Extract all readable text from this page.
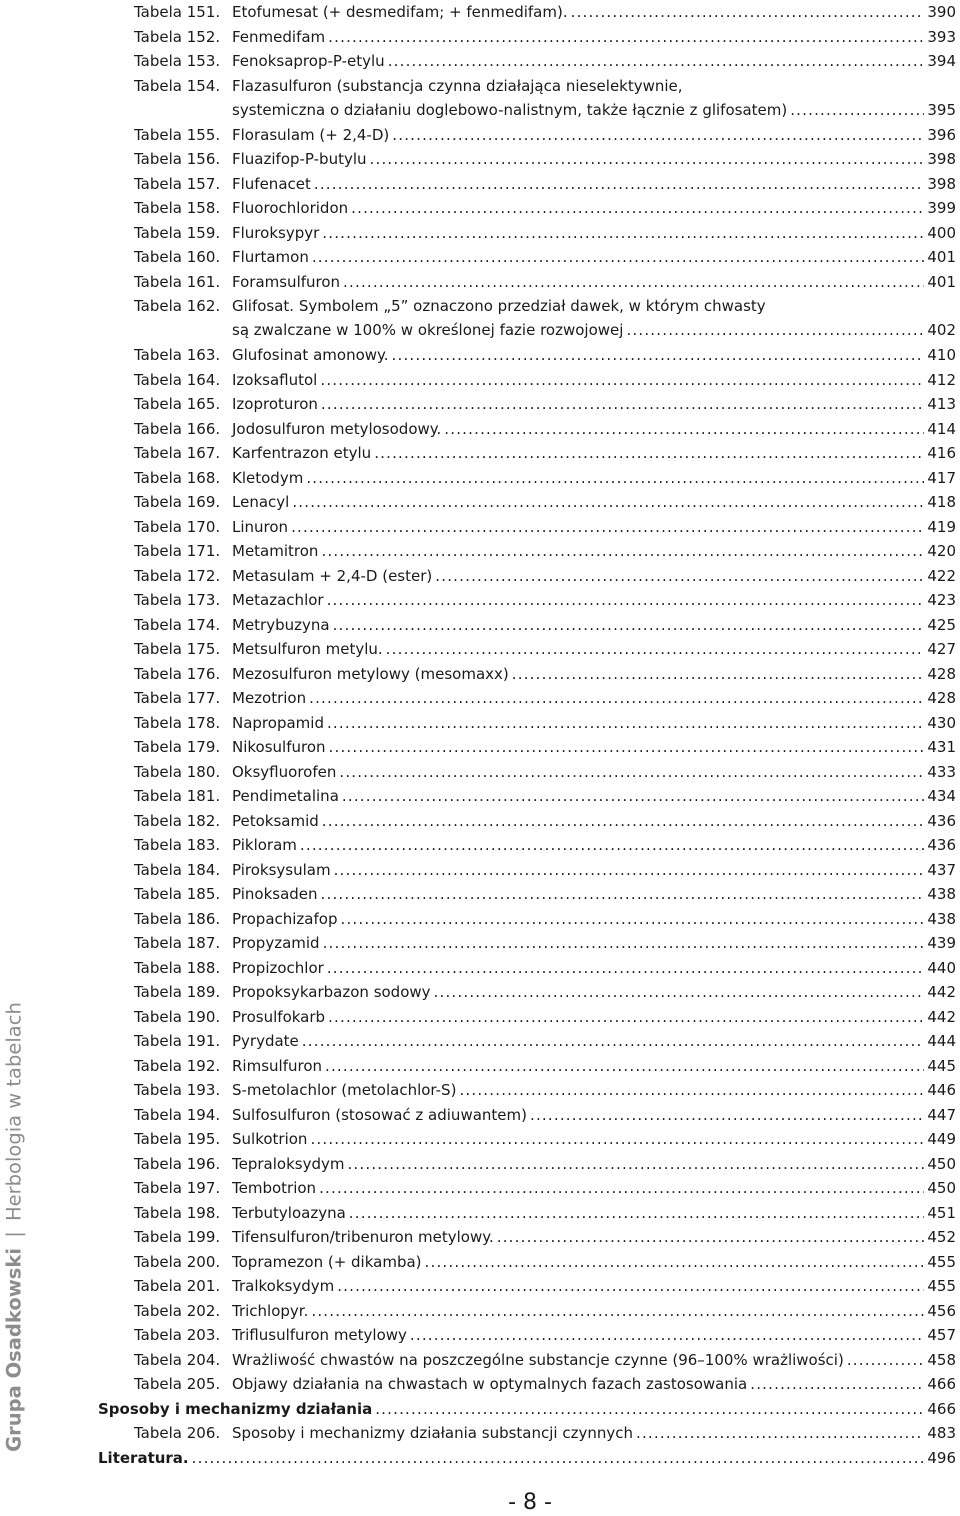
Grupa Osadkowski | Herbologia w tabelach
Tabela 151. Etofumesat (+ desmedifam; + fenmedifam). .....	390
Tabela 152. Fenmedifam .....	393
Tabela 153. Fenoksaprop-P-etylu .....	394
Tabela 154. Flazasulfuron (substancja czynna działająca nieselektywnie,
systemiczna o działaniu doglebowo-nalistnym, także łącznie z glifosatem) .....	395
Tabela 155. Florasulam (+ 2,4-D) .....	396
Tabela 156. Fluazifop-P-butylu .....	398
Tabela 157. Flufenacet .....	398
Tabela 158. Fluorochloridon .....	399
Tabela 159. Fluroksypyr .....	400
Tabela 160. Flurtamon .....	401
Tabela 161. Foramsulfuron .....	401
Tabela 162. Glifosat. Symbolem „5” oznaczono przedział dawek, w którym chwasty
są zwalczane w 100% w określonej fazie rozwojowej .....	402
Tabela 163. Glufosinat amonowy. .....	410
Tabela 164. Izoksaflutol .....	412
Tabela 165. Izoproturon .....	413
Tabela 166. Jodosulfuron metylosodowy. .....	414
Tabela 167. Karfentrazon etylu .....	416
Tabela 168. Kletodym .....	417
Tabela 169. Lenacyl .....	418
Tabela 170. Linuron .....	419
Tabela 171. Metamitron .....	420
Tabela 172. Metasulam + 2,4-D (ester) .....	422
Tabela 173. Metazachlor .....	423
Tabela 174. Metrybuzyna .....	425
Tabela 175. Metsulfuron metylu. .....	427
Tabela 176. Mezosulfuron metylowy (mesomaxx) .....	428
Tabela 177. Mezotrion .....	428
Tabela 178. Napropamid .....	430
Tabela 179. Nikosulfuron .....	431
Tabela 180. Oksyfluorofen .....	433
Tabela 181. Pendimetalina .....	434
Tabela 182. Petoksamid .....	436
Tabela 183. Pikloram .....	436
Tabela 184. Piroksysulam .....	437
Tabela 185. Pinoksaden .....	438
Tabela 186. Propachizafop .....	438
Tabela 187. Propyzamid .....	439
Tabela 188. Propizochlor .....	440
Tabela 189. Propoksykarbazon sodowy .....	442
Tabela 190. Prosulfokarb .....	442
Tabela 191. Pyrydate .....	444
Tabela 192. Rimsulfuron .....	445
Tabela 193. S-metolachlor (metolachlor-S) .....	446
Tabela 194. Sulfosulfuron (stosować z adiuwantem) .....	447
Tabela 195. Sulkotrion .....	449
Tabela 196. Tepraloksydym .....	450
Tabela 197. Tembotrion .....	450
Tabela 198. Terbutyloazyna .....	451
Tabela 199. Tifensulfuron/tribenuron metylowy. .....	452
Tabela 200. Topramezon (+ dikamba) .....	455
Tabela 201. Tralkoksydym .....	455
Tabela 202. Trichlopyr. .....	456
Tabela 203. Triflusulfuron metylowy .....	457
Tabela 204. Wrażliwość chwastów na poszczególne substancje czynne (96–100% wrażliwości) .....	458
Tabela 205. Objawy działania na chwastach w optymalnych fazach zastosowania .....	466
Sposoby i mechanizmy działania .....	466
Tabela 206. Sposoby i mechanizmy działania substancji czynnych .....	483
Literatura. .....	496
- 8 -
